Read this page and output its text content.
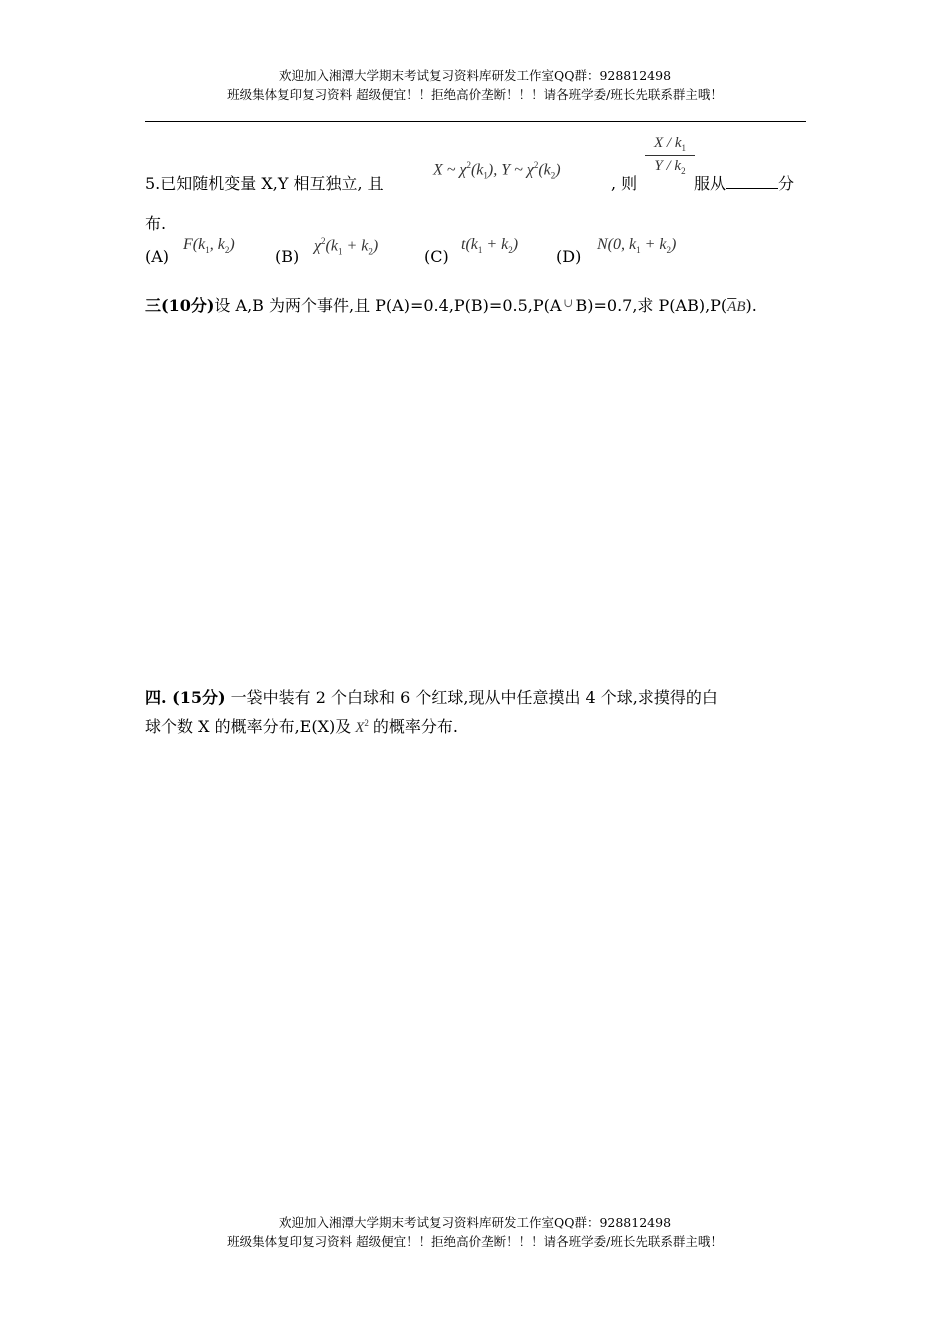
欢迎加入湘潭大学期末考试复习资料库研发工作室QQ群：928812498
班级集体复印复习资料 超级便宜！！拒绝高价垄断！！！请各班学委/班长先联系群主哦！
5.已知随机变量 X,Y 相互独立, 且
X ~ $\chi^2(k_1)$, Y ~ $\chi^2(k_2)$
, 则
$\frac{X / k_1}{Y / k_2}$
服从	分
布.
(A)
$F(k_1$, $k_2$)
(B)
$\chi^2(k_1 + k_2)$
(C)
$t(k_1 + k_2)$
(D)
N(0, $k_1 + k_2$)
三(10分)设 A,B 为两个事件,且 P(A)=0.4,P(B)=0.5,P(A ∪ B)=0.7,求 $P(AB),P(\overline{A}B)$.
四. (15分) 一袋中装有 2 个白球和 6 个红球,现从中任意摸出 4 个球,求摸得的白
球个数 X 的概率分布,E(X)及 $X^2$ 的概率分布.
欢迎加入湘潭大学期末考试复习资料库研发工作室QQ群：928812498
班级集体复印复习资料 超级便宜！！拒绝高价垄断！！！请各班学委/班长先联系群主哦！
